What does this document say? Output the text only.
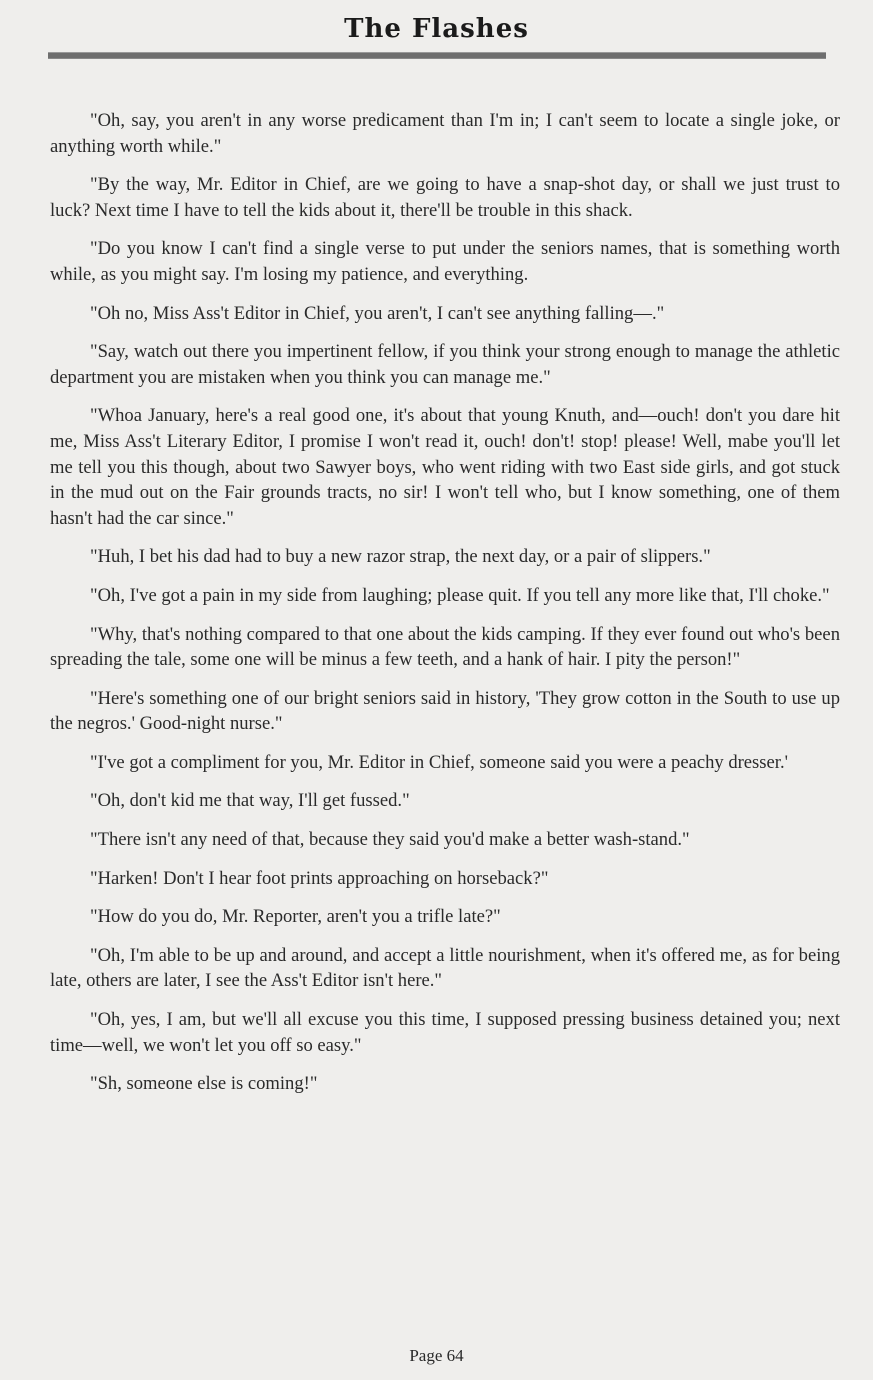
The Flashes

"Oh, say, you aren't in any worse predicament than I'm in; I can't seem to locate a single joke, or anything worth while."

"By the way, Mr. Editor in Chief, are we going to have a snap-shot day, or shall we just trust to luck? Next time I have to tell the kids about it, there'll be trouble in this shack.

"Do you know I can't find a single verse to put under the seniors names, that is something worth while, as you might say. I'm losing my patience, and everything.

"Oh no, Miss Ass't Editor in Chief, you aren't, I can't see anything falling—."

"Say, watch out there you impertinent fellow, if you think your strong enough to manage the athletic department you are mistaken when you think you can manage me."

"Whoa January, here's a real good one, it's about that young Knuth, and—ouch! don't you dare hit me, Miss Ass't Literary Editor, I promise I won't read it, ouch! don't! stop! please! Well, mabe you'll let me tell you this though, about two Sawyer boys, who went riding with two East side girls, and got stuck in the mud out on the Fair grounds tracts, no sir! I won't tell who, but I know something, one of them hasn't had the car since."

"Huh, I bet his dad had to buy a new razor strap, the next day, or a pair of slippers."

"Oh, I've got a pain in my side from laughing; please quit. If you tell any more like that, I'll choke."

"Why, that's nothing compared to that one about the kids camping. If they ever found out who's been spreading the tale, some one will be minus a few teeth, and a hank of hair. I pity the person!"

"Here's something one of our bright seniors said in history, 'They grow cotton in the South to use up the negros.' Good-night nurse."

"I've got a compliment for you, Mr. Editor in Chief, someone said you were a peachy dresser.'

"Oh, don't kid me that way, I'll get fussed."

"There isn't any need of that, because they said you'd make a better wash-stand."

"Harken! Don't I hear foot prints approaching on horseback?"

"How do you do, Mr. Reporter, aren't you a trifle late?"

"Oh, I'm able to be up and around, and accept a little nourishment, when it's offered me, as for being late, others are later, I see the Ass't Editor isn't here."

"Oh, yes, I am, but we'll all excuse you this time, I supposed pressing business detained you; next time—well, we won't let you off so easy."

"Sh, someone else is coming!"

Page 64
